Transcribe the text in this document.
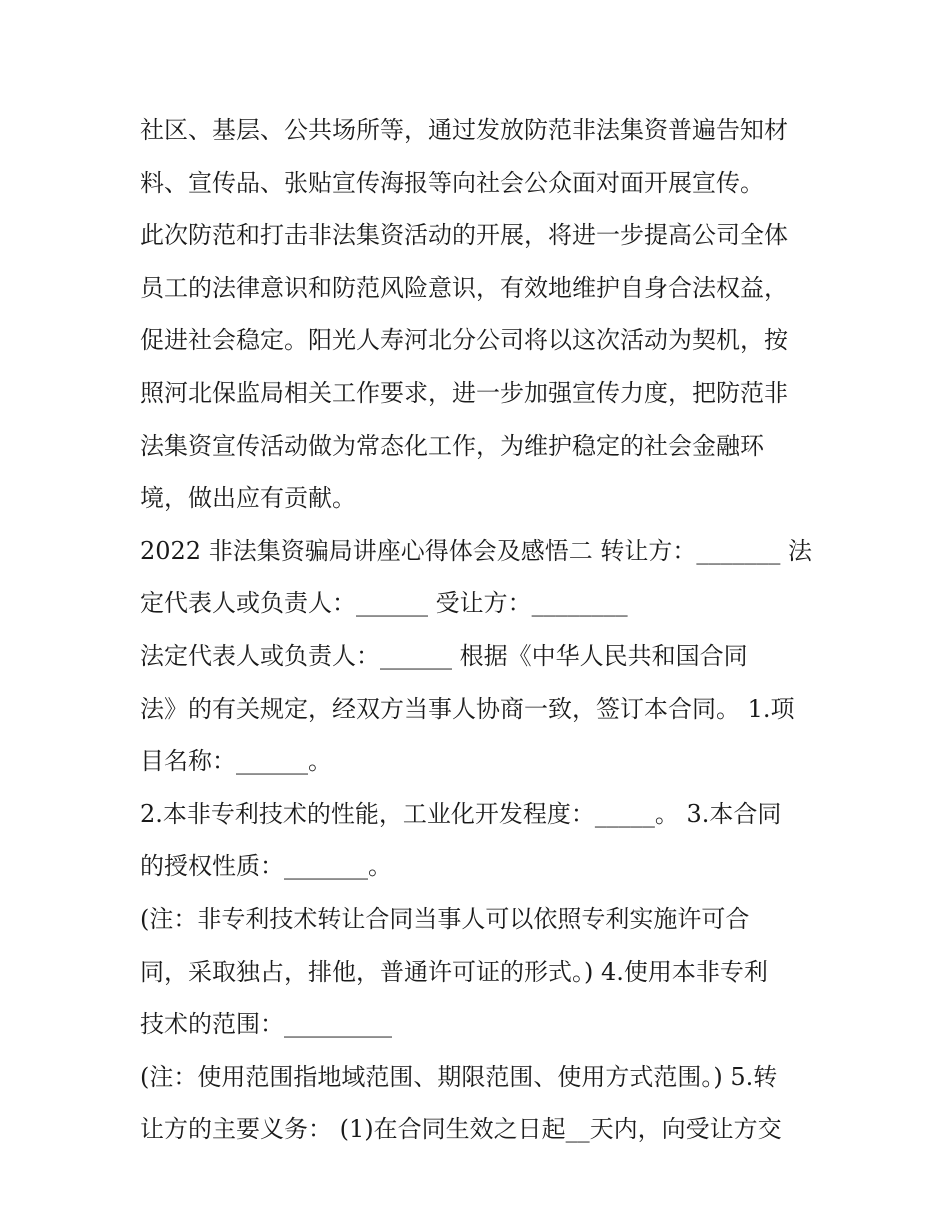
社区、基层、公共场所等，通过发放防范非法集资普遍告知材
料、宣传品、张贴宣传海报等向社会公众面对面开展宣传。
此次防范和打击非法集资活动的开展，将进一步提高公司全体
员工的法律意识和防范风险意识，有效地维护自身合法权益，
促进社会稳定。阳光人寿河北分公司将以这次活动为契机，按
照河北保监局相关工作要求，进一步加强宣传力度，把防范非
法集资宣传活动做为常态化工作，为维护稳定的社会金融环
境，做出应有贡献。
2022 非法集资骗局讲座心得体会及感悟二 转让方：_______ 法
定代表人或负责人：______ 受让方：________
法定代表人或负责人：______ 根据《中华人民共和国合同
法》的有关规定，经双方当事人协商一致，签订本合同。 1.项
目名称：______。
2.本非专利技术的性能，工业化开发程度：_____。 3.本合同
的授权性质：_______。
(注：非专利技术转让合同当事人可以依照专利实施许可合
同，采取独占，排他，普通许可证的形式。) 4.使用本非专利
技术的范围：_________
(注：使用范围指地域范围、期限范围、使用方式范围。) 5.转
让方的主要义务： (1)在合同生效之日起__天内，向受让方交
